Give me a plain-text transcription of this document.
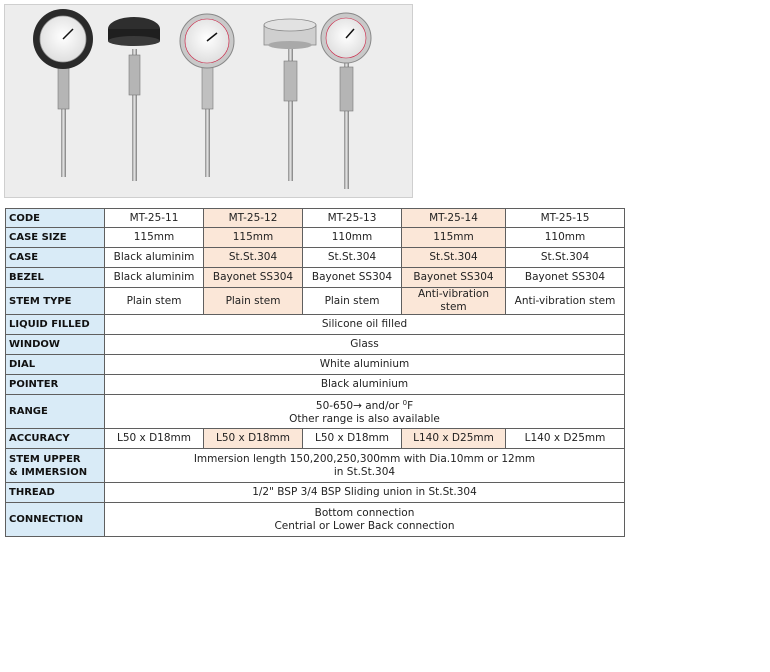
CODE	MT-25-11	MT-25-12	MT-25-13	MT-25-14	MT-25-15
CASE SIZE	115mm	115mm	110mm	115mm	110mm
CASE	Black aluminim	St.St.304	St.St.304	St.St.304	St.St.304
BEZEL	Black aluminim	Bayonet SS304	Bayonet SS304	Bayonet SS304	Bayonet SS304
STEM TYPE	Plain stem	Plain stem	Plain stem	Anti-vibration stem	Anti-vibration stem
LIQUID FILLED	Silicone oil filled				
WINDOW	Glass				
DIAL	White aluminium				
POINTER	Black aluminium				
RANGE	50-650→ and/or $^0$F
Other range is also available				
ACCURACY	L50 x D18mm	L50 x D18mm	L50 x D18mm	L140 x D25mm	L140 x D25mm
STEM UPPER
& IMMERSION	Immersion length 150,200,250,300mm with Dia.10mm or 12mm
in St.St.304				
THREAD	1/2" BSP 3/4 BSP Sliding union in St.St.304				
CONNECTION	Bottom connection
Centrial or Lower Back connection				
